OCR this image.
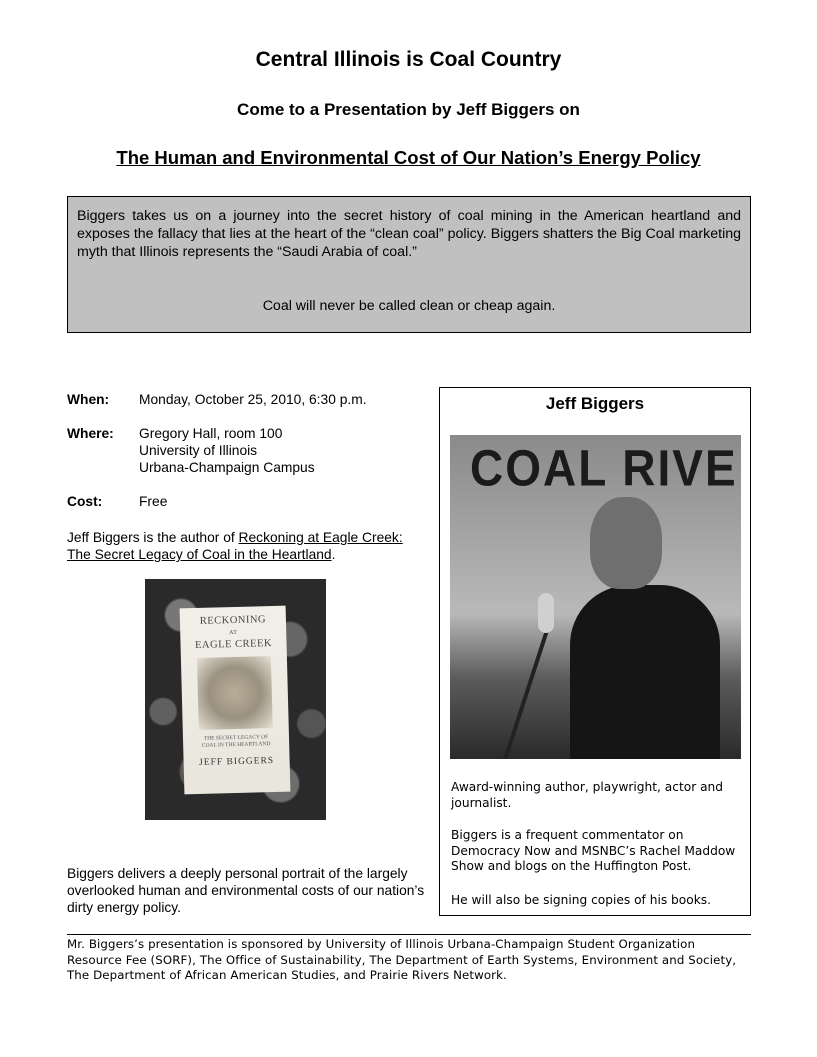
Central Illinois is Coal Country
Come to a Presentation by Jeff Biggers on
The Human and Environmental Cost of Our Nation’s Energy Policy
Biggers takes us on a journey into the secret history of coal mining in the American heartland and exposes the fallacy that lies at the heart of the “clean coal” policy. Biggers shatters the Big Coal marketing myth that Illinois represents the “Saudi Arabia of coal.”
Coal will never be called clean or cheap again.
When: Monday, October 25, 2010, 6:30 p.m.
Where: Gregory Hall, room 100
University of Illinois
Urbana-Champaign Campus
Cost:	Free
Jeff Biggers is the author of Reckoning at Eagle Creek: The Secret Legacy of Coal in the Heartland.
RECKONING
AT
EAGLE CREEK
THE SECRET LEGACY OF
COAL IN THE HEARTLAND
JEFF BIGGERS
Biggers delivers a deeply personal portrait of the largely overlooked human and environmental costs of our nation’s dirty energy policy.
Jeff Biggers
COAL RIVE
Award-winning author, playwright, actor and journalist.
Biggers is a frequent commentator on Democracy Now and MSNBC’s Rachel Maddow Show and blogs on the Huffington Post.
He will also be signing copies of his books.
Mr. Biggers’s presentation is sponsored by University of Illinois Urbana-Champaign Student Organization Resource Fee (SORF), The Office of Sustainability, The Department of Earth Systems, Environment and Society, The Department of African American Studies, and Prairie Rivers Network.
